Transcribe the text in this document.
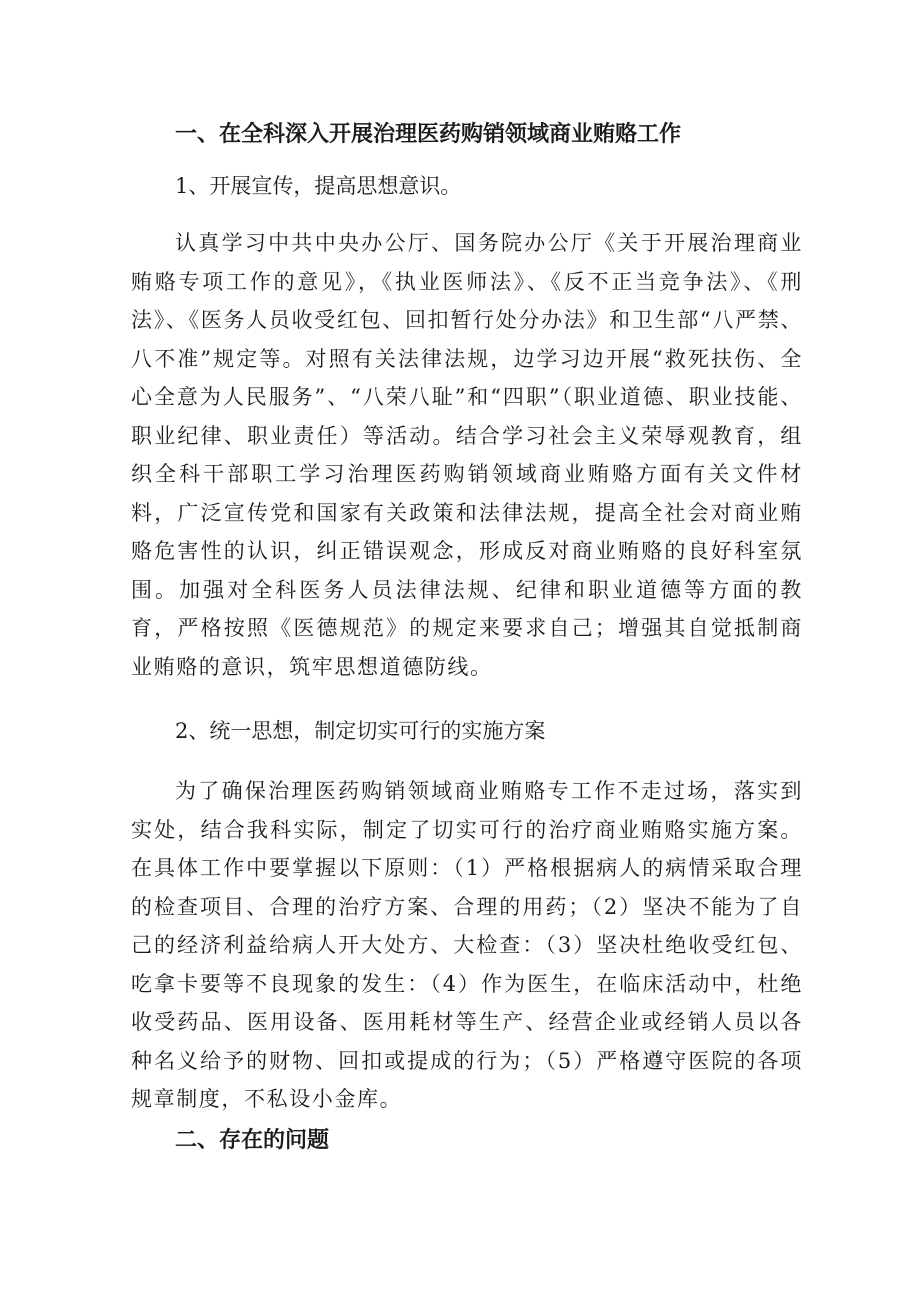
一、在全科深入开展治理医药购销领域商业贿赂工作

1、开展宣传，提高思想意识。

认真学习中共中央办公厅、国务院办公厅《关于开展治理商业贿赂专项工作的意见》，《执业医师法》、《反不正当竞争法》、《刑法》、《医务人员收受红包、回扣暂行处分办法》和卫生部“八严禁、八不准”规定等。对照有关法律法规，边学习边开展“救死扶伤、全心全意为人民服务”、“八荣八耻”和“四职”（职业道德、职业技能、职业纪律、职业责任）等活动。结合学习社会主义荣辱观教育，组织全科干部职工学习治理医药购销领域商业贿赂方面有关文件材料，广泛宣传党和国家有关政策和法律法规，提高全社会对商业贿赂危害性的认识，纠正错误观念，形成反对商业贿赂的良好科室氛围。加强对全科医务人员法律法规、纪律和职业道德等方面的教育，严格按照《医德规范》的规定来要求自己；增强其自觉抵制商业贿赂的意识，筑牢思想道德防线。

2、统一思想，制定切实可行的实施方案

为了确保治理医药购销领域商业贿赂专工作不走过场，落实到实处，结合我科实际，制定了切实可行的治疗商业贿赂实施方案。在具体工作中要掌握以下原则：（1）严格根据病人的病情采取合理的检查项目、合理的治疗方案、合理的用药；（2）坚决不能为了自己的经济利益给病人开大处方、大检查：（3）坚决杜绝收受红包、吃拿卡要等不良现象的发生：（4）作为医生，在临床活动中，杜绝收受药品、医用设备、医用耗材等生产、经营企业或经销人员以各种名义给予的财物、回扣或提成的行为；（5）严格遵守医院的各项规章制度，不私设小金库。

二、存在的问题
